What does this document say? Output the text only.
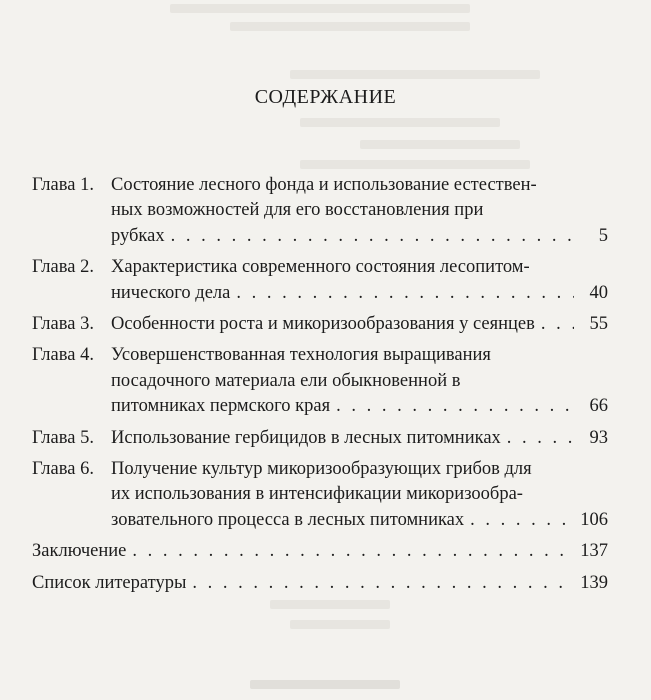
СОДЕРЖАНИЕ
Глава 1. Состояние лесного фонда и использование естествен-
ных возможностей для его восстановления при
рубках . . .	5
Глава 2. Характеристика современного состояния лесопитом-
нического дела . . .	40
Глава 3. Особенности роста и микоризообразования у сеянцев . . .	55
Глава 4. Усовершенствованная технология выращивания
посадочного материала ели обыкновенной в
питомниках пермского края . . .	66
Глава 5. Использование гербицидов в лесных питомниках . . .	93
Глава 6. Получение культур микоризообразующих грибов для
их использования в интенсификации микоризообра-
зовательного процесса в лесных питомниках . . .	106
Заключение . . .	137
Список литературы . . .	139
